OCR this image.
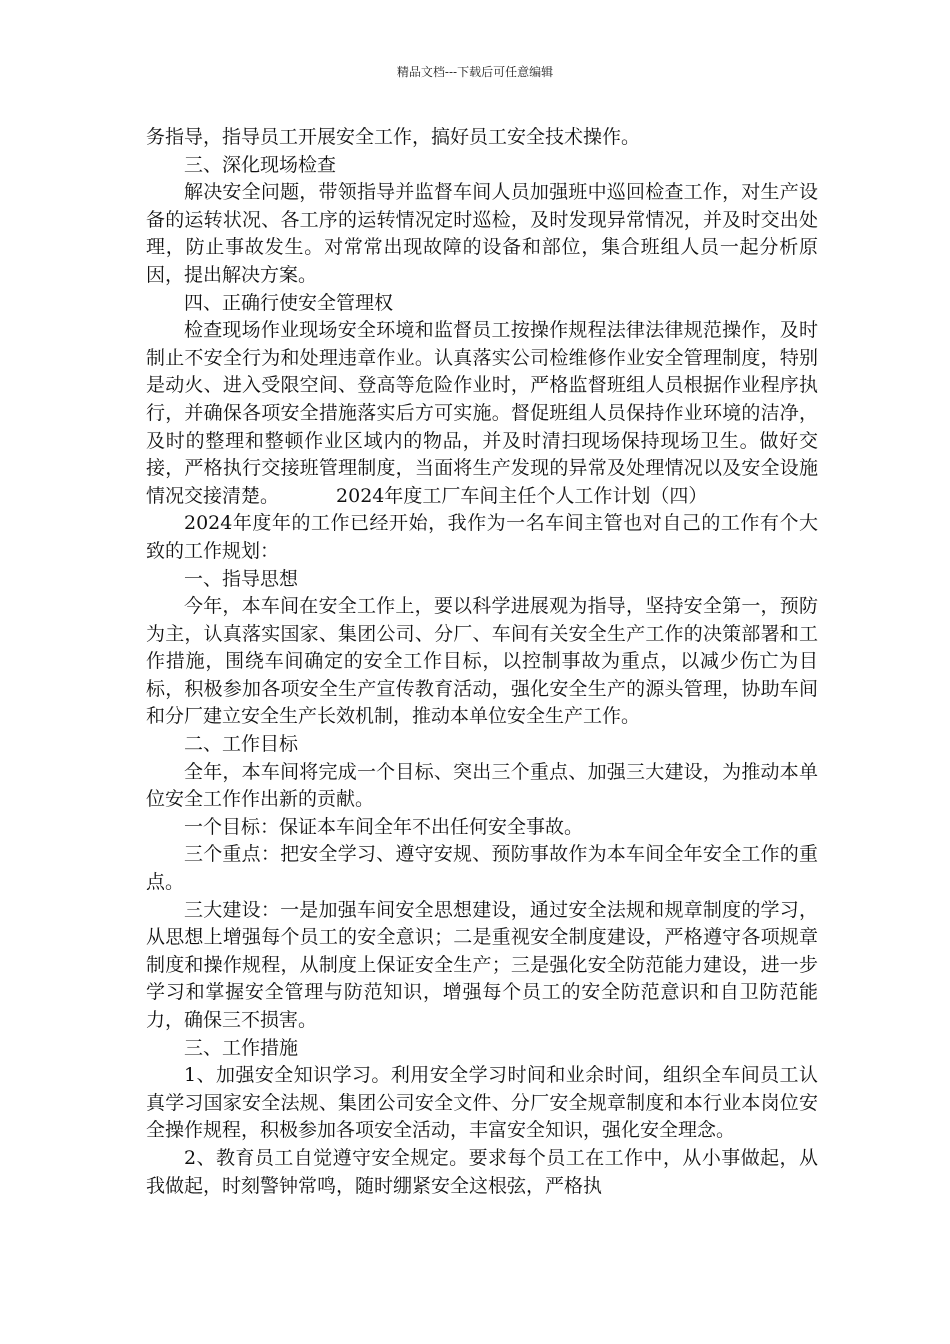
精品文档---下载后可任意编辑

务指导，指导员工开展安全工作，搞好员工安全技术操作。

三、深化现场检查

解决安全问题，带领指导并监督车间人员加强班中巡回检查工作，对生产设备的运转状况、各工序的运转情况定时巡检，及时发现异常情况，并及时交出处理，防止事故发生。对常常出现故障的设备和部位，集合班组人员一起分析原因，提出解决方案。

四、正确行使安全管理权

检查现场作业现场安全环境和监督员工按操作规程法律法律规范操作，及时制止不安全行为和处理违章作业。认真落实公司检维修作业安全管理制度，特别是动火、进入受限空间、登高等危险作业时，严格监督班组人员根据作业程序执行，并确保各项安全措施落实后方可实施。督促班组人员保持作业环境的洁净，及时的整理和整顿作业区域内的物品，并及时清扫现场保持现场卫生。做好交接，严格执行交接班管理制度，当面将生产发现的异常及处理情况以及安全设施情况交接清楚。	2024年度工厂车间主任个人工作计划（四）

2024年度年的工作已经开始，我作为一名车间主管也对自己的工作有个大致的工作规划：

一、指导思想

今年，本车间在安全工作上，要以科学进展观为指导，坚持安全第一，预防为主，认真落实国家、集团公司、分厂、车间有关安全生产工作的决策部署和工作措施，围绕车间确定的安全工作目标，以控制事故为重点，以减少伤亡为目标，积极参加各项安全生产宣传教育活动，强化安全生产的源头管理，协助车间和分厂建立安全生产长效机制，推动本单位安全生产工作。

二、工作目标

全年，本车间将完成一个目标、突出三个重点、加强三大建设，为推动本单位安全工作作出新的贡献。

一个目标：保证本车间全年不出任何安全事故。

三个重点：把安全学习、遵守安规、预防事故作为本车间全年安全工作的重点。

三大建设：一是加强车间安全思想建设，通过安全法规和规章制度的学习，从思想上增强每个员工的安全意识；二是重视安全制度建设，严格遵守各项规章制度和操作规程，从制度上保证安全生产；三是强化安全防范能力建设，进一步学习和掌握安全管理与防范知识，增强每个员工的安全防范意识和自卫防范能力，确保三不损害。

三、工作措施

1、加强安全知识学习。利用安全学习时间和业余时间，组织全车间员工认真学习国家安全法规、集团公司安全文件、分厂安全规章制度和本行业本岗位安全操作规程，积极参加各项安全活动，丰富安全知识，强化安全理念。

2、教育员工自觉遵守安全规定。要求每个员工在工作中，从小事做起，从我做起，时刻警钟常鸣，随时绷紧安全这根弦，严格执
